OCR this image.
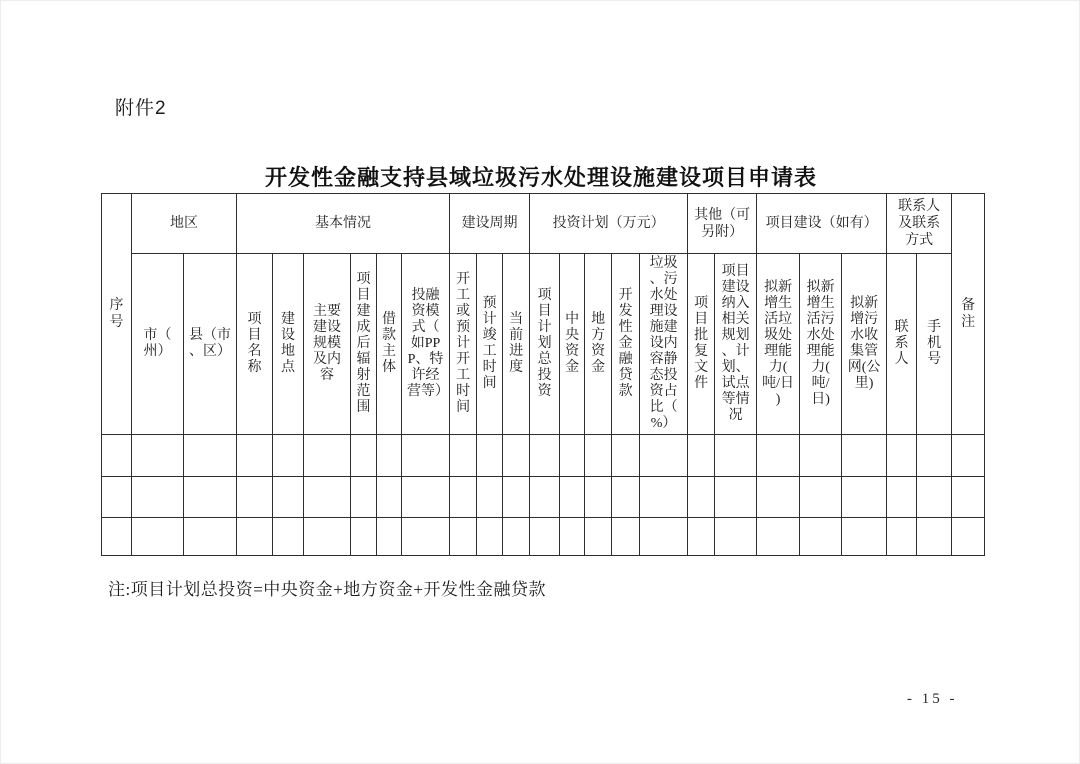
附件2
开发性金融支持县域垃圾污水处理设施建设项目申请表
序号	地区		基本情况						建设周期			投资计划（万元）					其他（可另附）		项目建设（如有）			联系人及联系方式		备注
	市（州）	县（市、区）	项目名称	建设地点	主要建设规模及内容	项目建成后辐射范围	借款主体	投融资模式（如PPP、特许经营等）	开工或预计开工时间	预计竣工时间	当前进度	项目计划总投资	中央资金	地方资金	开发性金融贷款	垃圾、污水处理设施建设内容静态投资占比（%）	项目批复文件	项目建设纳入相关规划、计划、试点等情况	拟新增生活垃圾处理能力(吨/日)	拟新增生活污水处理能力(吨/日)	拟新增污水收集管网(公里)	联系人	手机号	

注:项目计划总投资=中央资金+地方资金+开发性金融贷款
- 15 -
